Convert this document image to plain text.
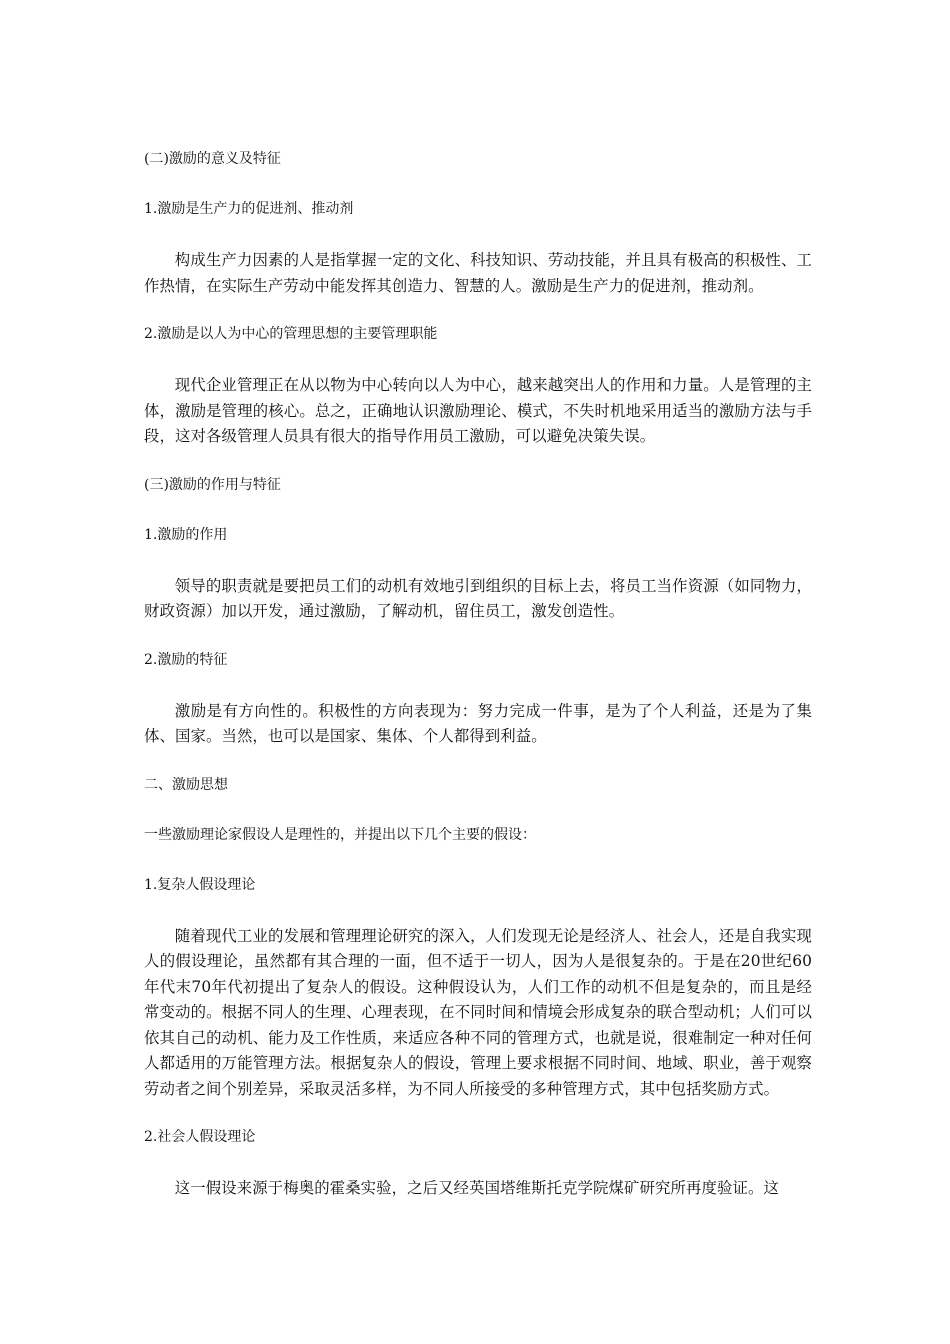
(二)激励的意义及特征
1.激励是生产力的促进剂、推动剂

构成生产力因素的人是指掌握一定的文化、科技知识、劳动技能，并且具有极高的积极性、工作热情，在实际生产劳动中能发挥其创造力、智慧的人。激励是生产力的促进剂，推动剂。

2.激励是以人为中心的管理思想的主要管理职能

现代企业管理正在从以物为中心转向以人为中心，越来越突出人的作用和力量。人是管理的主体，激励是管理的核心。总之，正确地认识激励理论、模式，不失时机地采用适当的激励方法与手段，这对各级管理人员具有很大的指导作用员工激励，可以避免决策失误。

(三)激励的作用与特征
1.激励的作用

领导的职责就是要把员工们的动机有效地引到组织的目标上去，将员工当作资源（如同物力，财政资源）加以开发，通过激励，了解动机，留住员工，激发创造性。

2.激励的特征

激励是有方向性的。积极性的方向表现为：努力完成一件事，是为了个人利益，还是为了集体、国家。当然，也可以是国家、集体、个人都得到利益。

二、激励思想
一些激励理论家假设人是理性的，并提出以下几个主要的假设：
1.复杂人假设理论

随着现代工业的发展和管理理论研究的深入，人们发现无论是经济人、社会人，还是自我实现人的假设理论，虽然都有其合理的一面，但不适于一切人，因为人是很复杂的。于是在20世纪60年代末70年代初提出了复杂人的假设。这种假设认为，人们工作的动机不但是复杂的，而且是经常变动的。根据不同人的生理、心理表现，在不同时间和情境会形成复杂的联合型动机；人们可以依其自己的动机、能力及工作性质，来适应各种不同的管理方式，也就是说，很难制定一种对任何人都适用的万能管理方法。根据复杂人的假设，管理上要求根据不同时间、地域、职业，善于观察劳动者之间个别差异，采取灵活多样，为不同人所接受的多种管理方式，其中包括奖励方式。

2.社会人假设理论

这一假设来源于梅奥的霍桑实验，之后又经英国塔维斯托克学院煤矿研究所再度验证。这
